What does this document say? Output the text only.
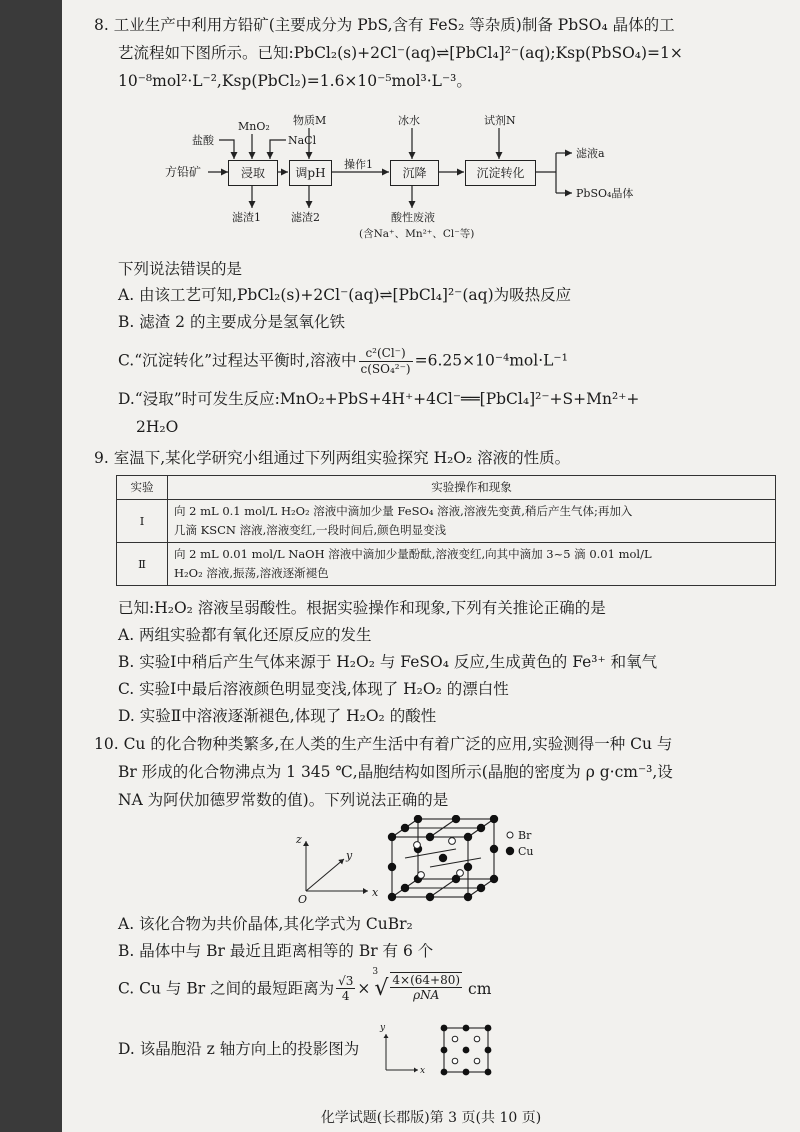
8. 工业生产中利用方铅矿(主要成分为 PbS,含有 FeS₂ 等杂质)制备 PbSO₄ 晶体的工
艺流程如下图所示。已知:PbCl₂(s)+2Cl⁻(aq)⇌[PbCl₄]²⁻(aq);Ksp(PbSO₄)=1×
10⁻⁸mol²·L⁻²,Ksp(PbCl₂)=1.6×10⁻⁵mol³·L⁻³。
方铅矿
盐酸
MnO₂
NaCl
物质M	冰水	试剂N
浸取	调pH	沉降	沉淀转化
操作1
滤渣1	滤渣2	酸性废液
(含Na⁺、Mn²⁺、Cl⁻等)
滤液a
PbSO₄晶体
下列说法错误的是
A. 由该工艺可知,PbCl₂(s)+2Cl⁻(aq)⇌[PbCl₄]²⁻(aq)为吸热反应
B. 滤渣 2 的主要成分是氢氧化铁
C.“沉淀转化”过程达平衡时,溶液中 $\frac{\text{c²(Cl⁻)}}{\text{c(SO₄²⁻)}} =6.25\times 10^{-4}mol\cdot L^{-1}$
D.“浸取”时可发生反应:MnO₂+PbS+4H⁺+4Cl⁻══[PbCl₄]²⁻+S+Mn²⁺+
2H₂O
9. 室温下,某化学研究小组通过下列两组实验探究 H₂O₂ 溶液的性质。
实验	实验操作和现象
Ⅰ	向 2 mL 0.1 mol/L H₂O₂ 溶液中滴加少量 FeSO₄ 溶液,溶液先变黄,稍后产生气体;再加入
几滴 KSCN 溶液,溶液变红,一段时间后,颜色明显变浅

Ⅱ	向 2 mL 0.01 mol/L NaOH 溶液中滴加少量酚酞,溶液变红,向其中滴加 3~5 滴 0.01 mol/L
H₂O₂ 溶液,振荡,溶液逐渐褪色
已知:H₂O₂ 溶液呈弱酸性。根据实验操作和现象,下列有关推论正确的是
A. 两组实验都有氧化还原反应的发生
B. 实验Ⅰ中稍后产生气体来源于 H₂O₂ 与 FeSO₄ 反应,生成黄色的 Fe³⁺ 和氧气
C. 实验Ⅰ中最后溶液颜色明显变浅,体现了 H₂O₂ 的漂白性
D. 实验Ⅱ中溶液逐渐褪色,体现了 H₂O₂ 的酸性
10. Cu 的化合物种类繁多,在人类的生产生活中有着广泛的应用,实验测得一种 Cu 与
Br 形成的化合物沸点为 1 345 ℃,晶胞结构如图所示(晶胞的密度为 ρ g·cm⁻³,设
NA 为阿伏加德罗常数的值)。下列说法正确的是
z
y
x
O
Br
Cu
A. 该化合物为共价晶体,其化学式为 CuBr₂
B. 晶体中与 Br 最近且距离相等的 Br 有 6 个
C. Cu 与 Br 之间的最短距离为 $\frac{√3}{4}$ ×
3
√ 4×(64+80)
ρNA	cm
D. 该晶胞沿 z 轴方向上的投影图为
y
x
化学试题(长郡版)第 3 页(共 10 页)
